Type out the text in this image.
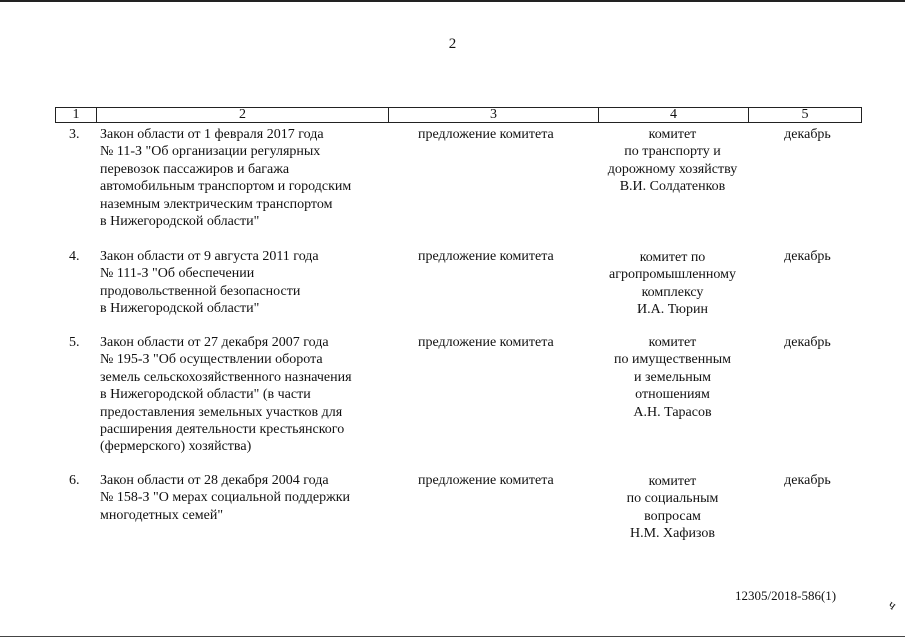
2
1	2	3	4	5
3.	Закон области от 1 февраля 2017 года
№ 11-З "Об организации регулярных
перевозок пассажиров и багажа
автомобильным транспортом и городским
наземным электрическим транспортом
в Нижегородской области"
предложение комитета	комитет
по транспорту и
дорожному хозяйству
В.И. Солдатенков
декабрь
4.	Закон области от 9 августа 2011 года
№ 111-З "Об обеспечении
продовольственной безопасности
в Нижегородской области"
предложение комитета	комитет по
агропромышленному
комплексу
И.А. Тюрин
декабрь
5.	Закон области от 27 декабря 2007 года
№ 195-З "Об осуществлении оборота
земель сельскохозяйственного назначения
в Нижегородской области" (в части
предоставления земельных участков для
расширения деятельности крестьянского
(фермерского) хозяйства)
предложение комитета	комитет
по имущественным
и земельным
отношениям
А.Н. Тарасов
декабрь
6.	Закон области от 28 декабря 2004 года
№ 158-З "О мерах социальной поддержки
многодетных семей"
предложение комитета	комитет
по социальным
вопросам
Н.М. Хафизов
декабрь
12305/2018-586(1)
ч
